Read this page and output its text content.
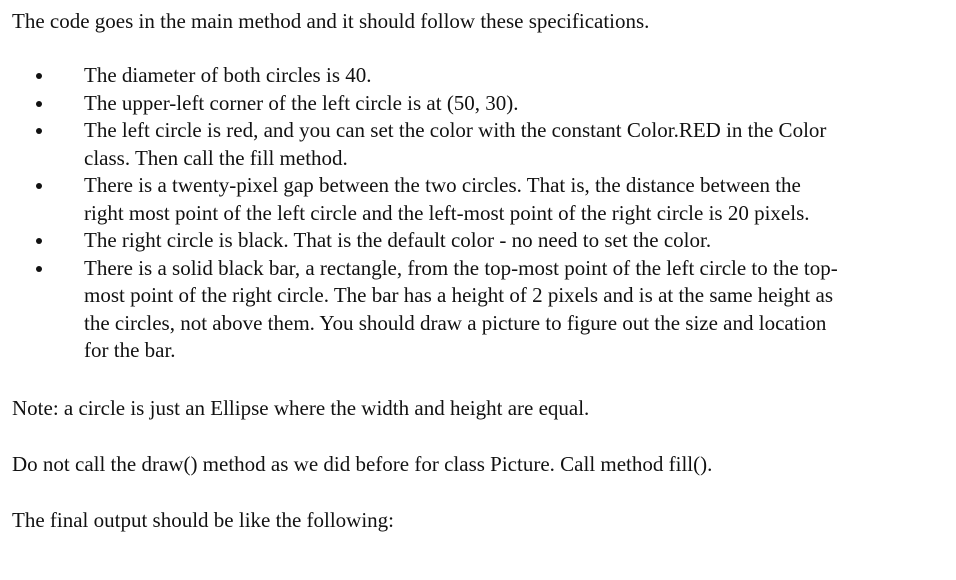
The code goes in the main method and it should follow these specifications.

The diameter of both circles is 40.
The upper-left corner of the left circle is at (50, 30).
The left circle is red, and you can set the color with the constant Color.RED in the Color
class. Then call the fill method.
There is a twenty-pixel gap between the two circles. That is, the distance between the
right most point of the left circle and the left-most point of the right circle is 20 pixels.
The right circle is black. That is the default color - no need to set the color.
There is a solid black bar, a rectangle, from the top-most point of the left circle to the top-
most point of the right circle. The bar has a height of 2 pixels and is at the same height as
the circles, not above them. You should draw a picture to figure out the size and location
for the bar.

Note: a circle is just an Ellipse where the width and height are equal.

Do not call the draw() method as we did before for class Picture. Call method fill().

The final output should be like the following:
